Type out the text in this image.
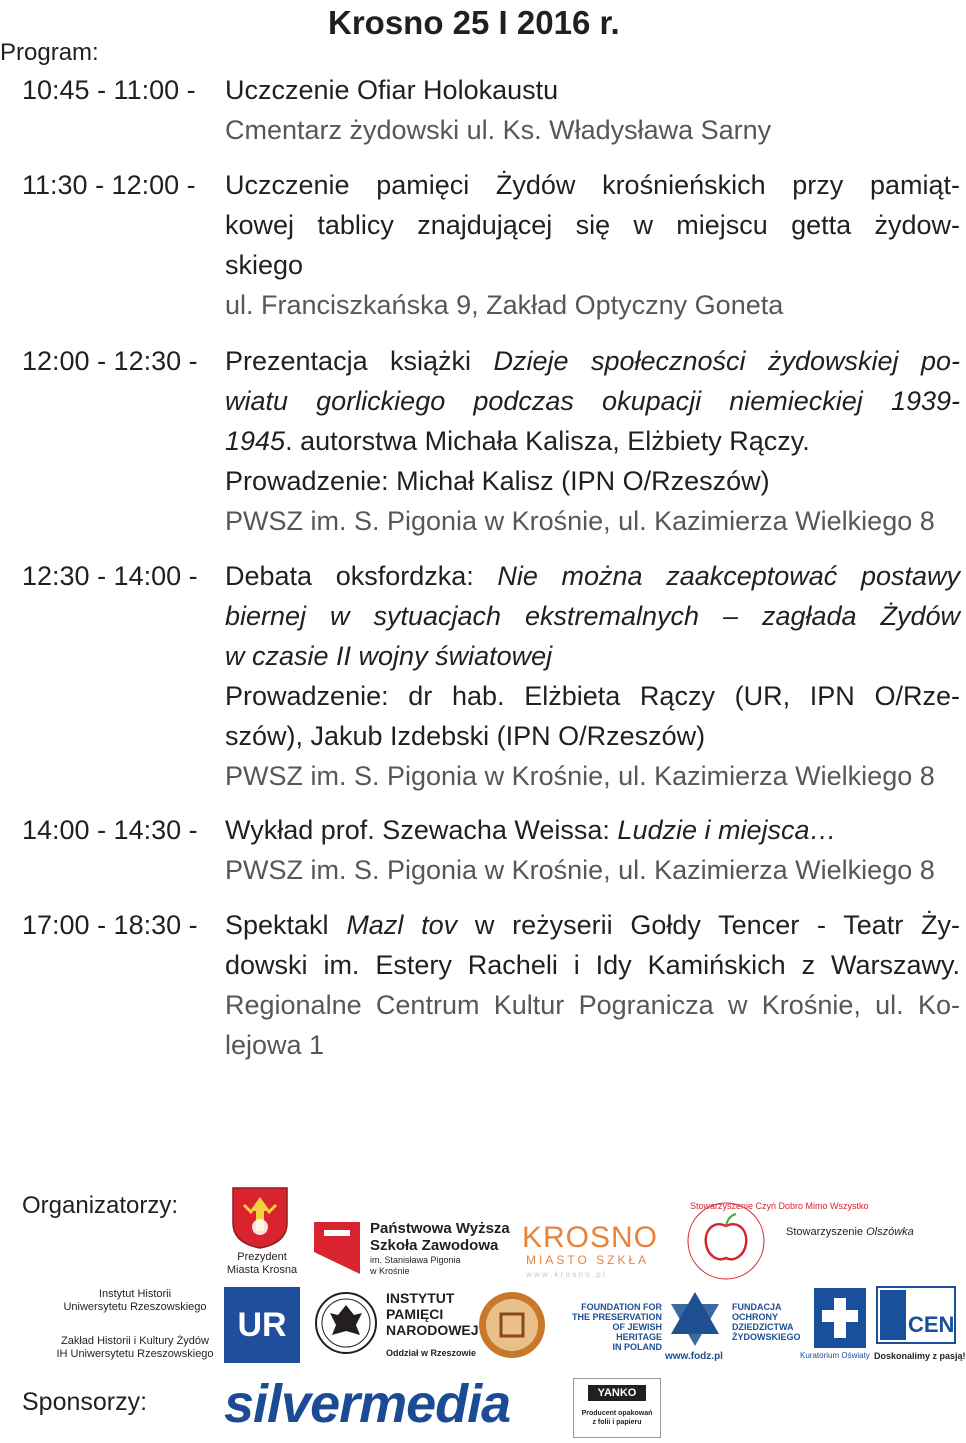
Krosno 25 I 2016 r.
Program:
10:45 - 11:00 -	Uczczenie Ofiar Holokaustu
Cmentarz żydowski ul. Ks. Władysława Sarny
11:30 - 12:00 -	Uczczenie pamięci Żydów krośnieńskich przy pamiąt-
kowej tablicy znajdującej się w miejscu getta żydow-
skiego
ul. Franciszkańska 9, Zakład Optyczny Goneta
12:00 - 12:30 -	Prezentacja książki Dzieje społeczności żydowskiej po-
wiatu gorlickiego podczas okupacji niemieckiej 1939-
1945. autorstwa Michała Kalisza, Elżbiety Rączy.
Prowadzenie: Michał Kalisz (IPN O/Rzeszów)
PWSZ im. S. Pigonia w Krośnie, ul. Kazimierza Wielkiego 8
12:30 - 14:00 -	Debata oksfordzka: Nie można zaakceptować postawy
biernej w sytuacjach ekstremalnych – zagłada Żydów
w czasie II wojny światowej
Prowadzenie: dr hab. Elżbieta Rączy (UR, IPN O/Rze-
szów), Jakub Izdebski (IPN O/Rzeszów)
PWSZ im. S. Pigonia w Krośnie, ul. Kazimierza Wielkiego 8
14:00 - 14:30 -	Wykład prof. Szewacha Weissa: Ludzie i miejsca…
PWSZ im. S. Pigonia w Krośnie, ul. Kazimierza Wielkiego 8
17:00 - 18:30 -	Spektakl Mazl tov w reżyserii Gołdy Tencer - Teatr Ży-
dowski im. Estery Racheli i Idy Kamińskich z Warszawy.
Regionalne Centrum Kultur Pogranicza w Krośnie, ul. Ko-
lejowa 1
Organizatorzy:
Prezydent
Miasta Krosna
Państwowa Wyższa
Szkoła Zawodowa
im. Stanisława Pigonia
w Krośnie
KROSNO
MIASTO SZKŁA
w w w . k r o s n o . p l
Stowarzyszenie Czyń Dobro Mimo Wszystko
Stowarzyszenie Olszówka
Instytut Historii
Uniwersytetu Rzeszowskiego
Zakład Historii i Kultury Żydów
IH Uniwersytetu Rzeszowskiego
UR
INSTYTUT
PAMIĘCI
NARODOWEJ
Oddział w Rzeszowie
FOUNDATION FOR
THE PRESERVATION
OF JEWISH HERITAGE
IN POLAND
www.fodz.pl
FUNDACJA
OCHRONY
DZIEDZICTWA
ŻYDOWSKIEGO
Kuratorium Oświaty
CEN
Doskonalimy z pasją!
Sponsorzy: silvermedia	YANKO
Producent opakowań
z folii i papieru
